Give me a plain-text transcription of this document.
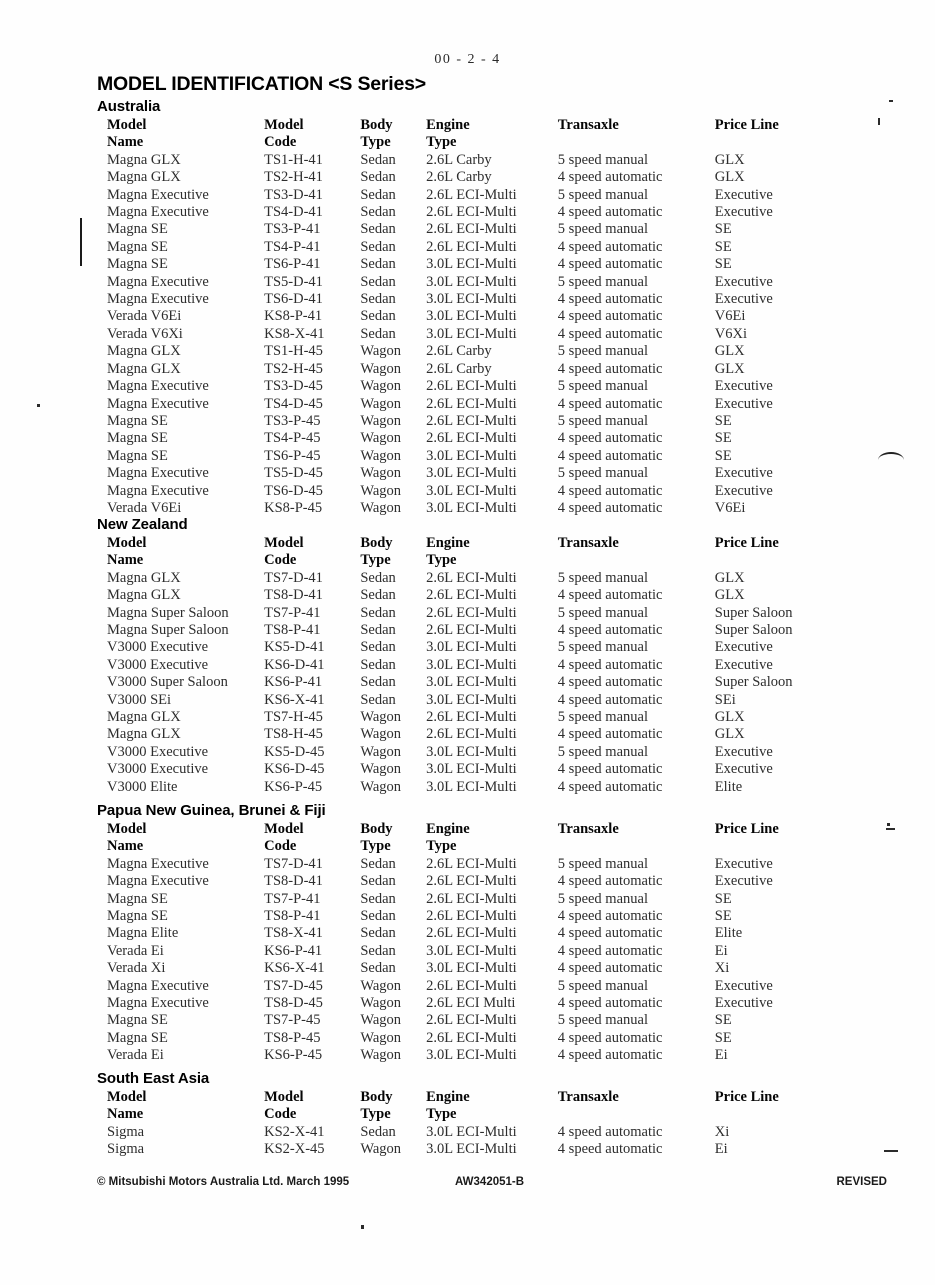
00 - 2 - 4
MODEL IDENTIFICATION <S Series>
Australia
Model	Model	Body	Engine	Transaxle	Price Line
Name	Code	Type	Type		
Magna GLX	TS1-H-41	Sedan	2.6L Carby	5 speed manual	GLX
Magna GLX	TS2-H-41	Sedan	2.6L Carby	4 speed automatic	GLX
Magna Executive	TS3-D-41	Sedan	2.6L ECI-Multi	5 speed manual	Executive
Magna Executive	TS4-D-41	Sedan	2.6L ECI-Multi	4 speed automatic	Executive
Magna SE	TS3-P-41	Sedan	2.6L ECI-Multi	5 speed manual	SE
Magna SE	TS4-P-41	Sedan	2.6L ECI-Multi	4 speed automatic	SE
Magna SE	TS6-P-41	Sedan	3.0L ECI-Multi	4 speed automatic	SE
Magna Executive	TS5-D-41	Sedan	3.0L ECI-Multi	5 speed manual	Executive
Magna Executive	TS6-D-41	Sedan	3.0L ECI-Multi	4 speed automatic	Executive
Verada V6Ei	KS8-P-41	Sedan	3.0L ECI-Multi	4 speed automatic	V6Ei
Verada V6Xi	KS8-X-41	Sedan	3.0L ECI-Multi	4 speed automatic	V6Xi
Magna GLX	TS1-H-45	Wagon	2.6L Carby	5 speed manual	GLX
Magna GLX	TS2-H-45	Wagon	2.6L Carby	4 speed automatic	GLX
Magna Executive	TS3-D-45	Wagon	2.6L ECI-Multi	5 speed manual	Executive
Magna Executive	TS4-D-45	Wagon	2.6L ECI-Multi	4 speed automatic	Executive
Magna SE	TS3-P-45	Wagon	2.6L ECI-Multi	5 speed manual	SE
Magna SE	TS4-P-45	Wagon	2.6L ECI-Multi	4 speed automatic	SE
Magna SE	TS6-P-45	Wagon	3.0L ECI-Multi	4 speed automatic	SE
Magna Executive	TS5-D-45	Wagon	3.0L ECI-Multi	5 speed manual	Executive
Magna Executive	TS6-D-45	Wagon	3.0L ECI-Multi	4 speed automatic	Executive
Verada V6Ei	KS8-P-45	Wagon	3.0L ECI-Multi	4 speed automatic	V6Ei
New Zealand
Model	Model	Body	Engine	Transaxle	Price Line
Name	Code	Type	Type		
Magna GLX	TS7-D-41	Sedan	2.6L ECI-Multi	5 speed manual	GLX
Magna GLX	TS8-D-41	Sedan	2.6L ECI-Multi	4 speed automatic	GLX
Magna Super Saloon	TS7-P-41	Sedan	2.6L ECI-Multi	5 speed manual	Super Saloon
Magna Super Saloon	TS8-P-41	Sedan	2.6L ECI-Multi	4 speed automatic	Super Saloon
V3000 Executive	KS5-D-41	Sedan	3.0L ECI-Multi	5 speed manual	Executive
V3000 Executive	KS6-D-41	Sedan	3.0L ECI-Multi	4 speed automatic	Executive
V3000 Super Saloon	KS6-P-41	Sedan	3.0L ECI-Multi	4 speed automatic	Super Saloon
V3000 SEi	KS6-X-41	Sedan	3.0L ECI-Multi	4 speed automatic	SEi
Magna GLX	TS7-H-45	Wagon	2.6L ECI-Multi	5 speed manual	GLX
Magna GLX	TS8-H-45	Wagon	2.6L ECI-Multi	4 speed automatic	GLX
V3000 Executive	KS5-D-45	Wagon	3.0L ECI-Multi	5 speed manual	Executive
V3000 Executive	KS6-D-45	Wagon	3.0L ECI-Multi	4 speed automatic	Executive
V3000 Elite	KS6-P-45	Wagon	3.0L ECI-Multi	4 speed automatic	Elite
Papua New Guinea, Brunei & Fiji
Model	Model	Body	Engine	Transaxle	Price Line
Name	Code	Type	Type		
Magna Executive	TS7-D-41	Sedan	2.6L ECI-Multi	5 speed manual	Executive
Magna Executive	TS8-D-41	Sedan	2.6L ECI-Multi	4 speed automatic	Executive
Magna SE	TS7-P-41	Sedan	2.6L ECI-Multi	5 speed manual	SE
Magna SE	TS8-P-41	Sedan	2.6L ECI-Multi	4 speed automatic	SE
Magna Elite	TS8-X-41	Sedan	2.6L ECI-Multi	4 speed automatic	Elite
Verada Ei	KS6-P-41	Sedan	3.0L ECI-Multi	4 speed automatic	Ei
Verada Xi	KS6-X-41	Sedan	3.0L ECI-Multi	4 speed automatic	Xi
Magna Executive	TS7-D-45	Wagon	2.6L ECI-Multi	5 speed manual	Executive
Magna Executive	TS8-D-45	Wagon	2.6L ECI Multi	4 speed automatic	Executive
Magna SE	TS7-P-45	Wagon	2.6L ECI-Multi	5 speed manual	SE
Magna SE	TS8-P-45	Wagon	2.6L ECI-Multi	4 speed automatic	SE
Verada Ei	KS6-P-45	Wagon	3.0L ECI-Multi	4 speed automatic	Ei
South East Asia
Model	Model	Body	Engine	Transaxle	Price Line
Name	Code	Type	Type		
Sigma	KS2-X-41	Sedan	3.0L ECI-Multi	4 speed automatic	Xi
Sigma	KS2-X-45	Wagon	3.0L ECI-Multi	4 speed automatic	Ei
© Mitsubishi Motors Australia Ltd. March 1995	AW342051-B	REVISED
